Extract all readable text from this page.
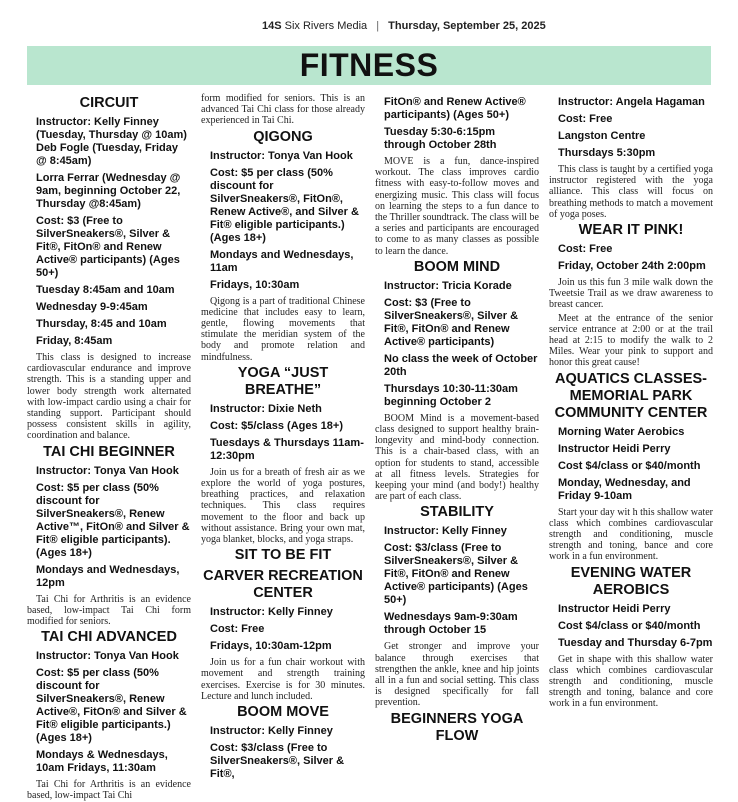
14S Six Rivers Media | Thursday, September 25, 2025
FITNESS
CIRCUIT
Instructor: Kelly Finney (Tuesday, Thursday @ 10am) Deb Fogle (Tuesday, Friday @ 8:45am)
Lorra Ferrar (Wednesday @ 9am, beginning October 22, Thursday @8:45am)
Cost: $3 (Free to SilverSneakers®, Silver & Fit®, FitOn® and Renew Active® participants) (Ages 50+)
Tuesday 8:45am and 10am
Wednesday 9-9:45am
Thursday, 8:45 and 10am
Friday, 8:45am
This class is designed to increase cardiovascular endurance and improve strength. This is a standing upper and lower body strength work alternated with low-impact cardio using a chair for standing support. Participant should possess consistent skills in agility, coordination and balance.
TAI CHI BEGINNER
Instructor: Tonya Van Hook
Cost: $5 per class (50% discount for SilverSneakers®, Renew Active™, FitOn® and Silver & Fit® eligible participants). (Ages 18+)
Mondays and Wednesdays, 12pm
Tai Chi for Arthritis is an evidence based, low-impact Tai Chi form modified for seniors.
TAI CHI ADVANCED
Instructor: Tonya Van Hook
Cost: $5 per class (50% discount for SilverSneakers®, Renew Active®, FitOn® and Silver & Fit® eligible participants.) (Ages 18+)
Mondays & Wednesdays, 10am Fridays, 11:30am
Tai Chi for Arthritis is an evidence based, low-impact Tai Chi
form modified for seniors. This is an advanced Tai Chi class for those already experienced in Tai Chi.
QIGONG
Instructor: Tonya Van Hook
Cost: $5 per class (50% discount for SilverSneakers®, FitOn®, Renew Active®, and Silver & Fit® eligible participants.) (Ages 18+)
Mondays and Wednesdays, 11am
Fridays, 10:30am
Qigong is a part of traditional Chinese medicine that includes easy to learn, gentle, flowing movements that stimulate the meridian system of the body and promote relation and mindfulness.
YOGA “JUST BREATHE”
Instructor: Dixie Neth
Cost: $5/class (Ages 18+)
Tuesdays & Thursdays 11am-12:30pm
Join us for a breath of fresh air as we explore the world of yoga postures, breathing practices, and relaxation techniques. This class requires movement to the floor and back up without assistance. Bring your own mat, yoga blanket, blocks, and yoga straps.
SIT TO BE FIT
CARVER RECREATION CENTER
Instructor: Kelly Finney
Cost: Free
Fridays, 10:30am-12pm
Join us for a fun chair workout with movement and strength training exercises. Exercise is for 30 minutes. Lecture and lunch included.
BOOM MOVE
Instructor: Kelly Finney
Cost: $3/class (Free to SilverSneakers®, Silver & Fit®,
FitOn® and Renew Active® participants) (Ages 50+)
Tuesday 5:30-6:15pm through October 28th
MOVE is a fun, dance-inspired workout. The class improves cardio fitness with easy-to-follow moves and energizing music. This class will focus on learning the steps to a fun dance to the Thriller soundtrack. The class will be a series and participants are encouraged to come to as many classes as possible to learn the dance.
BOOM MIND
Instructor: Tricia Korade
Cost: $3 (Free to SilverSneakers®, Silver & Fit®, FitOn® and Renew Active® participants)
No class the week of October 20th
Thursdays 10:30-11:30am beginning October 2
BOOM Mind is a movement-based class designed to support healthy brain-longevity and mind-body connection. This is a chair-based class, with an option for students to stand, accessible at all fitness levels. Strategies for keeping your mind (and body!) healthy are part of each class.
STABILITY
Instructor: Kelly Finney
Cost: $3/class (Free to SilverSneakers®, Silver & Fit®, FitOn® and Renew Active® participants) (Ages 50+)
Wednesdays 9am-9:30am through October 15
Get stronger and improve your balance through exercises that strengthen the ankle, knee and hip joints all in a fun and social setting. This class is designed specifically for fall prevention.
BEGINNERS YOGA FLOW
Instructor: Angela Hagaman
Cost: Free
Langston Centre
Thursdays 5:30pm
This class is taught by a certified yoga instructor registered with the yoga alliance. This class will focus on breathing methods to match a movement of yoga poses.
WEAR IT PINK!
Cost: Free
Friday, October 24th 2:00pm
Join us this fun 3 mile walk down the Tweetsie Trail as we draw awareness to breast cancer.
Meet at the entrance of the senior service entrance at 2:00 or at the trail head at 2:15 to modify the walk to 2 Miles. Wear your pink to support and honor this great cause!
AQUATICS CLASSES- MEMORIAL PARK COMMUNITY CENTER
Morning Water Aerobics
Instructor Heidi Perry
Cost $4/class or $40/month
Monday, Wednesday, and Friday 9-10am
Start your day wit h this shallow water class which combines cardiovascular strength and conditioning, muscle strength and toning, bance and core work in a fun environment.
EVENING WATER AEROBICS
Instructor Heidi Perry
Cost $4/class or $40/month
Tuesday and Thursday 6-7pm
Get in shape with this shallow water class which combines cardiovascular strength and conditioning, muscle strength and toning, balance and core work in a fun environment.
